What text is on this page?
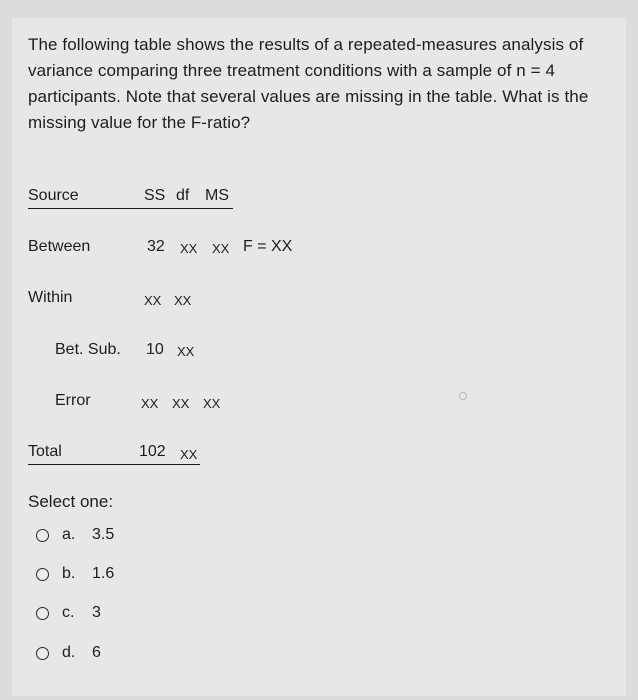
The following table shows the results of a repeated-measures analysis of variance comparing three treatment conditions with a sample of n = 4 participants. Note that several values are missing in the table. What is the missing value for the F-ratio?
Source	SS df MS
Between	32 XX XX F = XX
Within	XX XX
Bet. Sub. 10 XX
Error	XX XX XX
Total	102 XX
Select one:
a. 3.5
b. 1.6
c. 3
d. 6
